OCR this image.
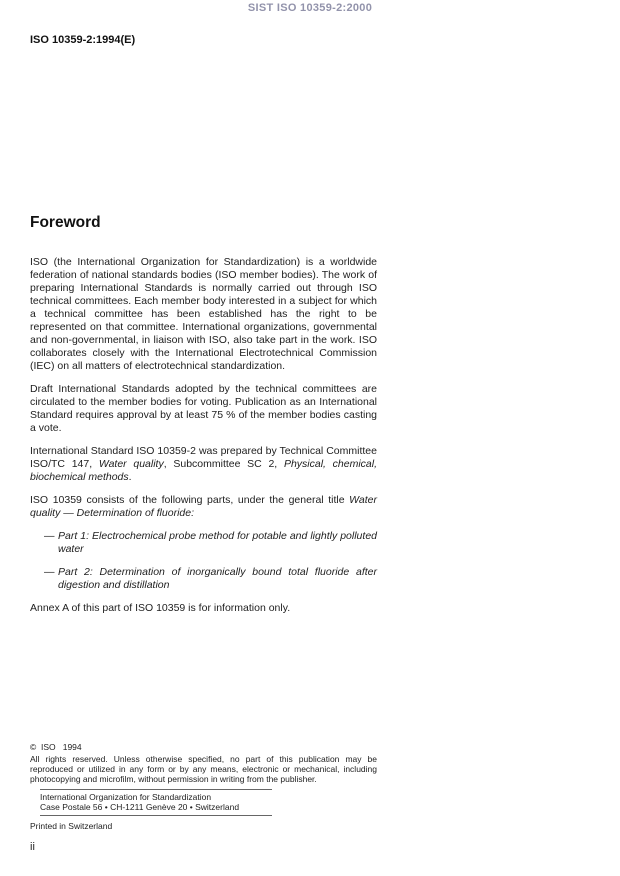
SIST ISO 10359-2:2000
ISO 10359-2:1994(E)
Foreword

ISO (the International Organization for Standardization) is a worldwide federation of national standards bodies (ISO member bodies). The work of preparing International Standards is normally carried out through ISO technical committees. Each member body interested in a subject for which a technical committee has been established has the right to be represented on that committee. International organizations, governmental and non-governmental, in liaison with ISO, also take part in the work. ISO collaborates closely with the International Electrotechnical Commission (IEC) on all matters of electrotechnical standardization.

Draft International Standards adopted by the technical committees are circulated to the member bodies for voting. Publication as an International Standard requires approval by at least 75 % of the member bodies casting a vote.

International Standard ISO 10359-2 was prepared by Technical Committee ISO/TC 147, Water quality, Subcommittee SC 2, Physical, chemical, biochemical methods.

ISO 10359 consists of the following parts, under the general title Water quality — Determination of fluoride:

— Part 1: Electrochemical probe method for potable and lightly polluted water
— Part 2: Determination of inorganically bound total fluoride after digestion and distillation

Annex A of this part of ISO 10359 is for information only.

©  ISO   1994
All rights reserved. Unless otherwise specified, no part of this publication may be reproduced or utilized in any form or by any means, electronic or mechanical, including photocopying and microfilm, without permission in writing from the publisher.
International Organization for Standardization
Case Postale 56 • CH-1211 Genève 20 • Switzerland
Printed in Switzerland
ii
